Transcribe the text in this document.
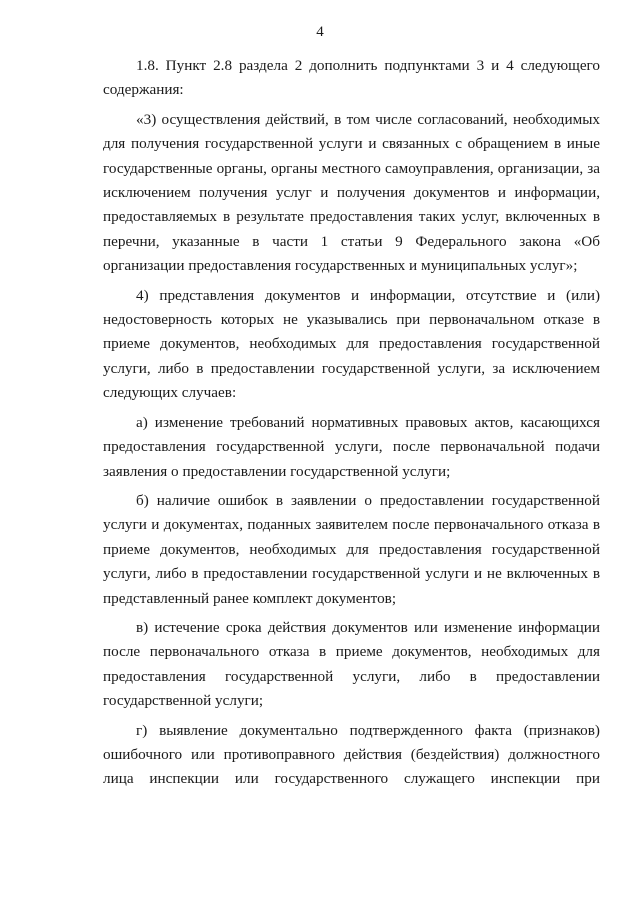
4

1.8. Пункт 2.8 раздела 2 дополнить подпунктами 3 и 4 следующего содержания:

«3) осуществления действий, в том числе согласований, необходимых для получения государственной услуги и связанных с обращением в иные государственные органы, органы местного самоуправления, организации, за исключением получения услуг и получения документов и информации, предоставляемых в результате предоставления таких услуг, включенных в перечни, указанные в части 1 статьи 9 Федерального закона «Об организации предоставления государственных и муниципальных услуг»;

4) представления документов и информации, отсутствие и (или) недостоверность которых не указывались при первоначальном отказе в приеме документов, необходимых для предоставления государственной услуги, либо в предоставлении государственной услуги, за исключением следующих случаев:

а) изменение требований нормативных правовых актов, касающихся предоставления государственной услуги, после первоначальной подачи заявления о предоставлении государственной услуги;

б) наличие ошибок в заявлении о предоставлении государственной услуги и документах, поданных заявителем после первоначального отказа в приеме документов, необходимых для предоставления государственной услуги, либо в предоставлении государственной услуги и не включенных в представленный ранее комплект документов;

в) истечение срока действия документов или изменение информации после первоначального отказа в приеме документов, необходимых для предоставления государственной услуги, либо в предоставлении государственной услуги;

г) выявление документально подтвержденного факта (признаков) ошибочного или противоправного действия (бездействия) должностного лица инспекции или государственного служащего инспекции при
